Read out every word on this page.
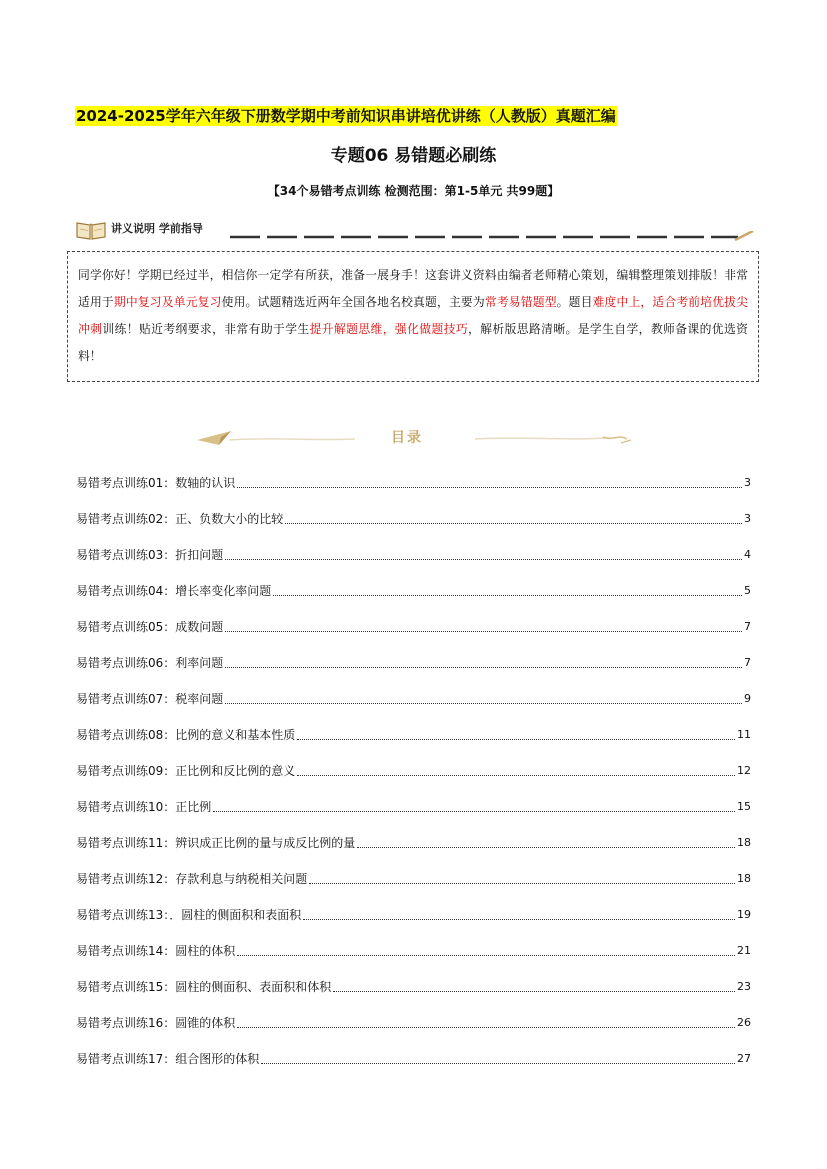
2024-2025学年六年级下册数学期中考前知识串讲培优讲练（人教版）真题汇编
专题06 易错题必刷练
【34个易错考点训练 检测范围：第1-5单元 共99题】
讲义说明 学前指导
同学你好！学期已经过半，相信你一定学有所获，准备一展身手！这套讲义资料由编者老师精心策划，编辑整理策划排版！非常适用于期中复习及单元复习使用。试题精选近两年全国各地名校真题，主要为常考易错题型。题目难度中上，适合考前培优拔尖冲刺训练！贴近考纲要求，非常有助于学生提升解题思维，强化做题技巧，解析版思路清晰。是学生自学，教师备课的优选资料！
目录
易错考点训练01：数轴的认识	3
易错考点训练02：正、负数大小的比较	3
易错考点训练03：折扣问题	4
易错考点训练04：增长率变化率问题	5
易错考点训练05：成数问题	7
易错考点训练06：利率问题	7
易错考点训练07：税率问题	9
易错考点训练08：比例的意义和基本性质	11
易错考点训练09：正比例和反比例的意义	12
易错考点训练10：正比例	15
易错考点训练11：辨识成正比例的量与成反比例的量	18
易错考点训练12：存款利息与纳税相关问题	18
易错考点训练13：．圆柱的侧面积和表面积	19
易错考点训练14：圆柱的体积	21
易错考点训练15：圆柱的侧面积、表面积和体积	23
易错考点训练16：圆锥的体积	26
易错考点训练17：组合图形的体积	27
